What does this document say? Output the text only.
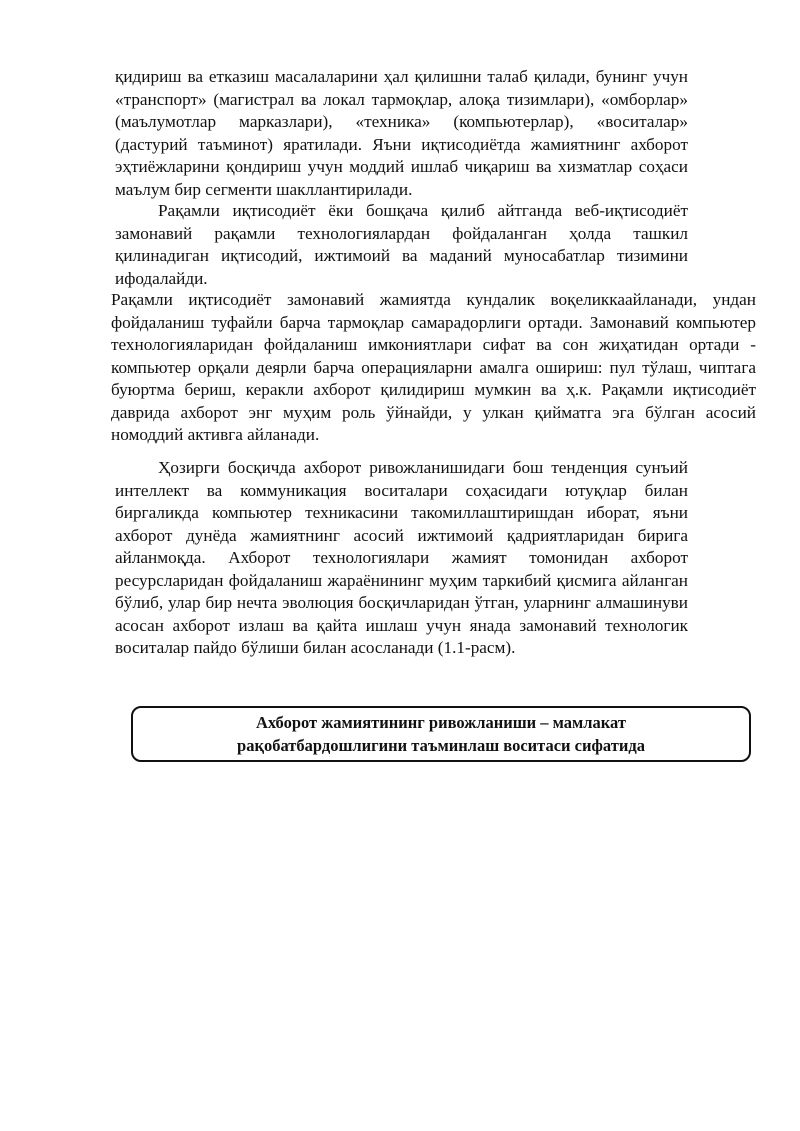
қидириш ва етказиш масалаларини ҳал қилишни талаб қилади, бунинг учун «транспорт» (магистрал ва локал тармоқлар, алоқа тизимлари), «омборлар» (маълумотлар марказлари), «техника» (компьютерлар), «воситалар» (дастурий таъминот) яратилади. Яъни иқтисодиётда жамиятнинг ахборот эҳтиёжларини қондириш учун моддий ишлаб чиқариш ва хизматлар соҳаси маълум бир сегменти шакллантирилади.

Рақамли иқтисодиёт ёки бошқача қилиб айтганда веб-иқтисодиёт замонавий рақамли технологиялардан фойдаланган ҳолда ташкил қилинадиган иқтисодий, ижтимоий ва маданий муносабатлар тизимини ифодалайди.

Рақамли иқтисодиёт замонавий жамиятда кундалик воқеликкаайланади, ундан фойдаланиш туфайли барча тармоқлар самарадорлиги ортади. Замонавий компьютер технологияларидан фойдаланиш имкониятлари сифат ва сон жиҳатидан ортади - компьютер орқали деярли барча операцияларни амалга ошириш: пул тўлаш, чиптага буюртма бериш, керакли ахборот қилидириш мумкин ва ҳ.к. Рақамли иқтисодиёт даврида ахборот энг муҳим роль ўйнайди, у улкан қийматга эга бўлган асосий номоддий активга айланади.

Ҳозирги босқичда ахборот ривожланишидаги бош тенденция сунъий интеллект ва коммуникация воситалари соҳасидаги ютуқлар билан биргаликда компьютер техникасини такомиллаштиришдан иборат, яъни ахборот дунёда жамиятнинг асосий ижтимоий қадриятларидан бирига айланмоқда. Ахборот технологиялари жамият томонидан ахборот ресурсларидан фойдаланиш жараёнининг муҳим таркибий қисмига айланган бўлиб, улар бир нечта эволюция босқичларидан ўтган, уларнинг алмашинуви асосан ахборот излаш ва қайта ишлаш учун янада замонавий технологик воситалар пайдо бўлиши билан асосланади (1.1-расм).

Ахборот жамиятининг ривожланиши – мамлакат
рақобатбардошлигини таъминлаш воситаси сифатида
